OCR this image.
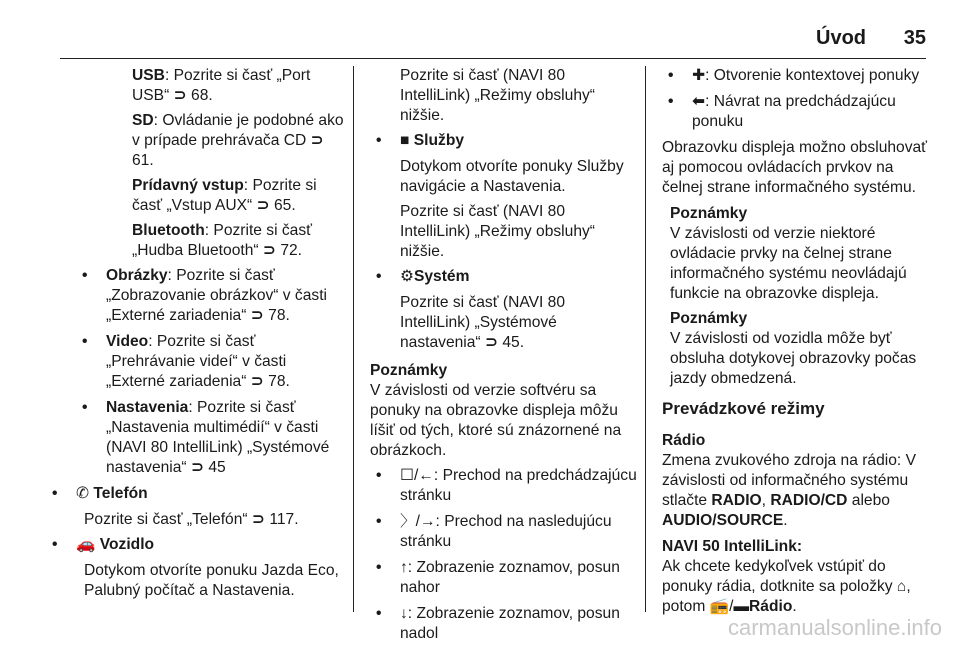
Úvod 35

USB: Pozrite si časť „Port USB“ ⊃ 68.

SD: Ovládanie je podobné ako v prípade prehrávača CD ⊃ 61.

Prídavný vstup: Pozrite si časť „Vstup AUX“ ⊃ 65.

Bluetooth: Pozrite si časť „Hudba Bluetooth“ ⊃ 72.

• Obrázky: Pozrite si časť „Zobrazovanie obrázkov“ v časti „Externé zariadenia“ ⊃ 78.
• Video: Pozrite si časť „Prehrávanie videí“ v časti „Externé zariadenia“ ⊃ 78.
• Nastavenia: Pozrite si časť „Nastavenia multimédií“ v časti (NAVI 80 IntelliLink) „Systémové nastavenia“ ⊃ 45
• ✆ Telefón

Pozrite si časť „Telefón“ ⊃ 117.

• 🚗 Vozidlo

Dotykom otvoríte ponuku Jazda Eco, Palubný počítač a Nastavenia.

Pozrite si časť (NAVI 80 IntelliLink) „Režimy obsluhy“ nižšie.

• ■ Služby

Dotykom otvoríte ponuky Služby navigácie a Nastavenia.

Pozrite si časť (NAVI 80 IntelliLink) „Režimy obsluhy“ nižšie.

• ⚙Systém

Pozrite si časť (NAVI 80 IntelliLink) „Systémové nastavenia“ ⊃ 45.

Poznámky

V závislosti od verzie softvéru sa ponuky na obrazovke displeja môžu líšiť od tých, ktoré sú znázornené na obrázkoch.

• ☐/←: Prechod na predchádzajúcu stránku
• 〉/→: Prechod na nasledujúcu stránku
• ↑: Zobrazenie zoznamov, posun nahor
• ↓: Zobrazenie zoznamov, posun nadol
• ✚: Otvorenie kontextovej ponuky
• ⬅: Návrat na predchádzajúcu ponuku

Obrazovku displeja možno obsluhovať aj pomocou ovládacích prvkov na čelnej strane informačného systému.

Poznámky

V závislosti od verzie niektoré ovládacie prvky na čelnej strane informačného systému neovládajú funkcie na obrazovke displeja.

Poznámky

V závislosti od vozidla môže byť obsluha dotykovej obrazovky počas jazdy obmedzená.

Prevádzkové režimy

Rádio

Zmena zvukového zdroja na rádio: V závislosti od informačného systému stlačte RADIO, RADIO/CD alebo AUDIO/SOURCE.

NAVI 50 IntelliLink:

Ak chcete kedykoľvek vstúpiť do ponuky rádia, dotknite sa položky ⌂, potom 📻/▬Rádio.

carmanualsonline.info
